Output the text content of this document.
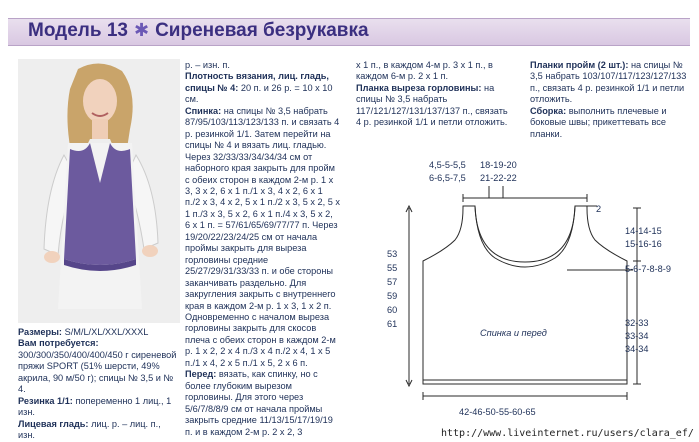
Модель 13 ✱ Сиреневая безрукавка
Размеры: S/M/L/XL/XXL/XXXL
Вам потребуется: 300/300/350/400/400/450 г сиреневой пряжи SPORT (51% шерсти, 49% акрила, 90 м/50 г); спицы № 3,5 и № 4.
Резинка 1/1: попеременно 1 лиц., 1 изн.
Лицевая гладь: лиц. р. – лиц. п., изн.
р. – изн. п.
Плотность вязания, лиц. гладь, спицы № 4: 20 п. и 26 р. = 10 х 10 см.
Спинка: на спицы № 3,5 набрать 87/95/103/113/123/133 п. и связать 4 р. резинкой 1/1. Затем перейти на спицы № 4 и вязать лиц. гладью. Через 32/33/33/34/34/34 см от наборного края закрыть для пройм с обеих сторон в каждом 2-м р. 1 х 3, 3 х 2, 6 х 1 п./1 х 3, 4 х 2, 6 х 1 п./2 х 3, 4 х 2, 5 х 1 п./2 х 3, 5 х 2, 5 х 1 п./3 х 3, 5 х 2, 6 х 1 п./4 х 3, 5 х 2, 6 х 1 п. = 57/61/65/69/77/77 п. Через 19/20/22/23/24/25 см от начала проймы закрыть для выреза горловины средние 25/27/29/31/33/33 п. и обе стороны заканчивать раздельно. Для закругления закрыть с внутреннего края в каждом 2-м р. 1 х 3, 1 х 2 п. Одновременно с началом выреза горловины закрыть для скосов плеча с обеих сторон в каждом 2-м р. 1 х 2, 2 х 4 п./3 х 4 п./2 х 4, 1 х 5 п./1 х 4, 2 х 5 п./1 х 5, 2 х 6 п.
Перед: вязать, как спинку, но с более глубоким вырезом горловины. Для этого через 5/6/7/8/8/9 см от начала проймы закрыть средние 11/13/15/17/19/19 п. и в каждом 2-м р. 2 х 2, 3
х 1 п., в каждом 4-м р. 3 х 1 п., в каждом 6-м р. 2 х 1 п.
Планка выреза горловины: на спицы № 3,5 набрать 117/121/127/131/137/137 п., связать 4 р. резинкой 1/1 и петли отложить.
Планки пройм (2 шт.): на спицы № 3,5 набрать 103/107/117/123/127/133 п., связать 4 р. резинкой 1/1 и петли отложить.
Сборка: выполнить плечевые и боковые швы; прикеттевать все планки.
4,5-5-5,5
6-6,5-7,5
18-19-20
21-22-22
2
14-14-15
15-16-16
5-6-7-8-8-9
53
55
57
59
60
61	32-33
33-34
34-34
Спинка и перед
42-46-50-55-60-65
http://www.liveinternet.ru/users/clara_ef/
